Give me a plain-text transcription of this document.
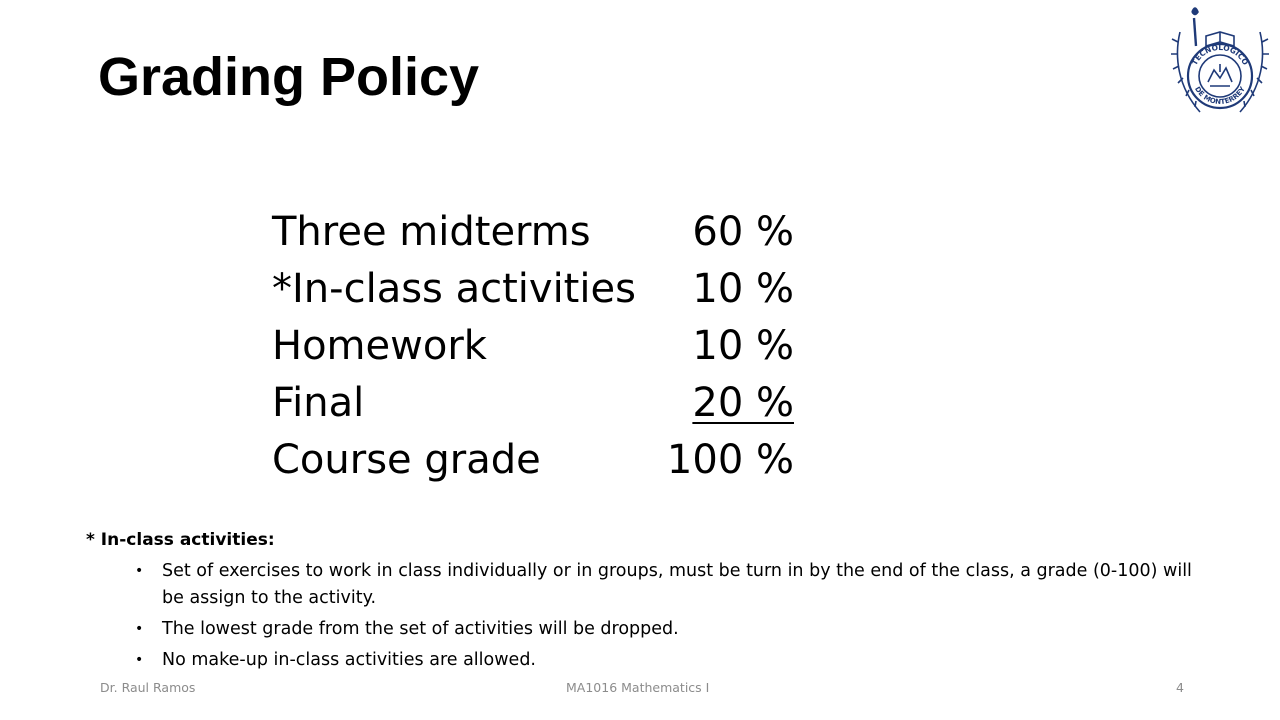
Grading Policy	TECNOLOGICO
DE MONTERREY
Three midterms	60 %
*In-class activities 10 %
Homework	10 %
Final	20 %
Course grade	100 %
* In-class activities:
• Set of exercises to work in class individually or in groups, must be turn in by the end of the class, a grade (0-100) will be assign to the activity.
• The lowest grade from the set of activities will be dropped.
• No make-up in-class activities are allowed.
Dr. Raul Ramos	MA1016 Mathematics I	4
